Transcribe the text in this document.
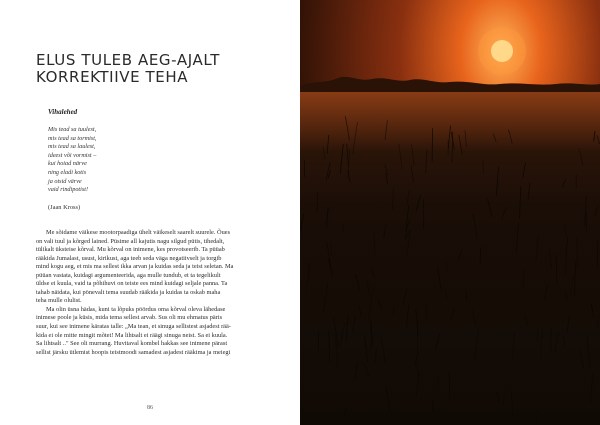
ELUS TULEB AEG-AJALT
KORREKTIIVE TEHA

Vihalehed

Mis tead sa tuulest,
mis tead sa tormist,
mis tead sa laulest,
ideest või vormist –
kui hoiad närve
ning eladi kotis
ja otsid värve
vaid rindipotist!
(Jaan Kross)

Me sõidame väikese mootorpaadiga ühelt väikeselt saarelt suurele. Õues
on vali tuul ja kõrged lained. Püsime all kajutis nagu silgud pütis, tihedalt,
tülikalt üksteise kõrval. Mu kõrval on inimene, kes provotseerib. Ta püüab
rääkida Jumalast, usust, kirikust, aga teeb seda väga negatiivselt ja torgib
mind kogu aeg, et mis ma sellest ikka arvan ja kuidas seda ja teist seletan. Ma
püüan vastata, kuidagi argumenteerida, aga mulle tundub, et ta tegelikult
üldse ei kuula, vaid ta põhihuvi on teiste ees mind kuidagi seljale panna. Ta
tahab näidata, kui pönevalt tema suudab rääkida ja kuidas ta oskab maha
teha mulle olulist.

Ma olin üsna hädas, kuni ta lõpuks pöördus oma kõrval oleva lähedase
inimese poole ja küsis, mida tema sellest arvab. Sus oli mu ehmatus päris
suur, kui see inimene käratas talle: „Ma tean, et sinuga sellistest asjadest rää-
kida ei ole mitte mingit mõtet! Ma lihtsalt ei räägi sinuga neist. Sa ei kuula.
Sa lihtsalt .." See oli murrang. Huvitaval kombel hakkas see inimene pärast
sellist järsku ütlemist hoopis teistmoodi samadest asjadest rääkima ja meiegi

86
